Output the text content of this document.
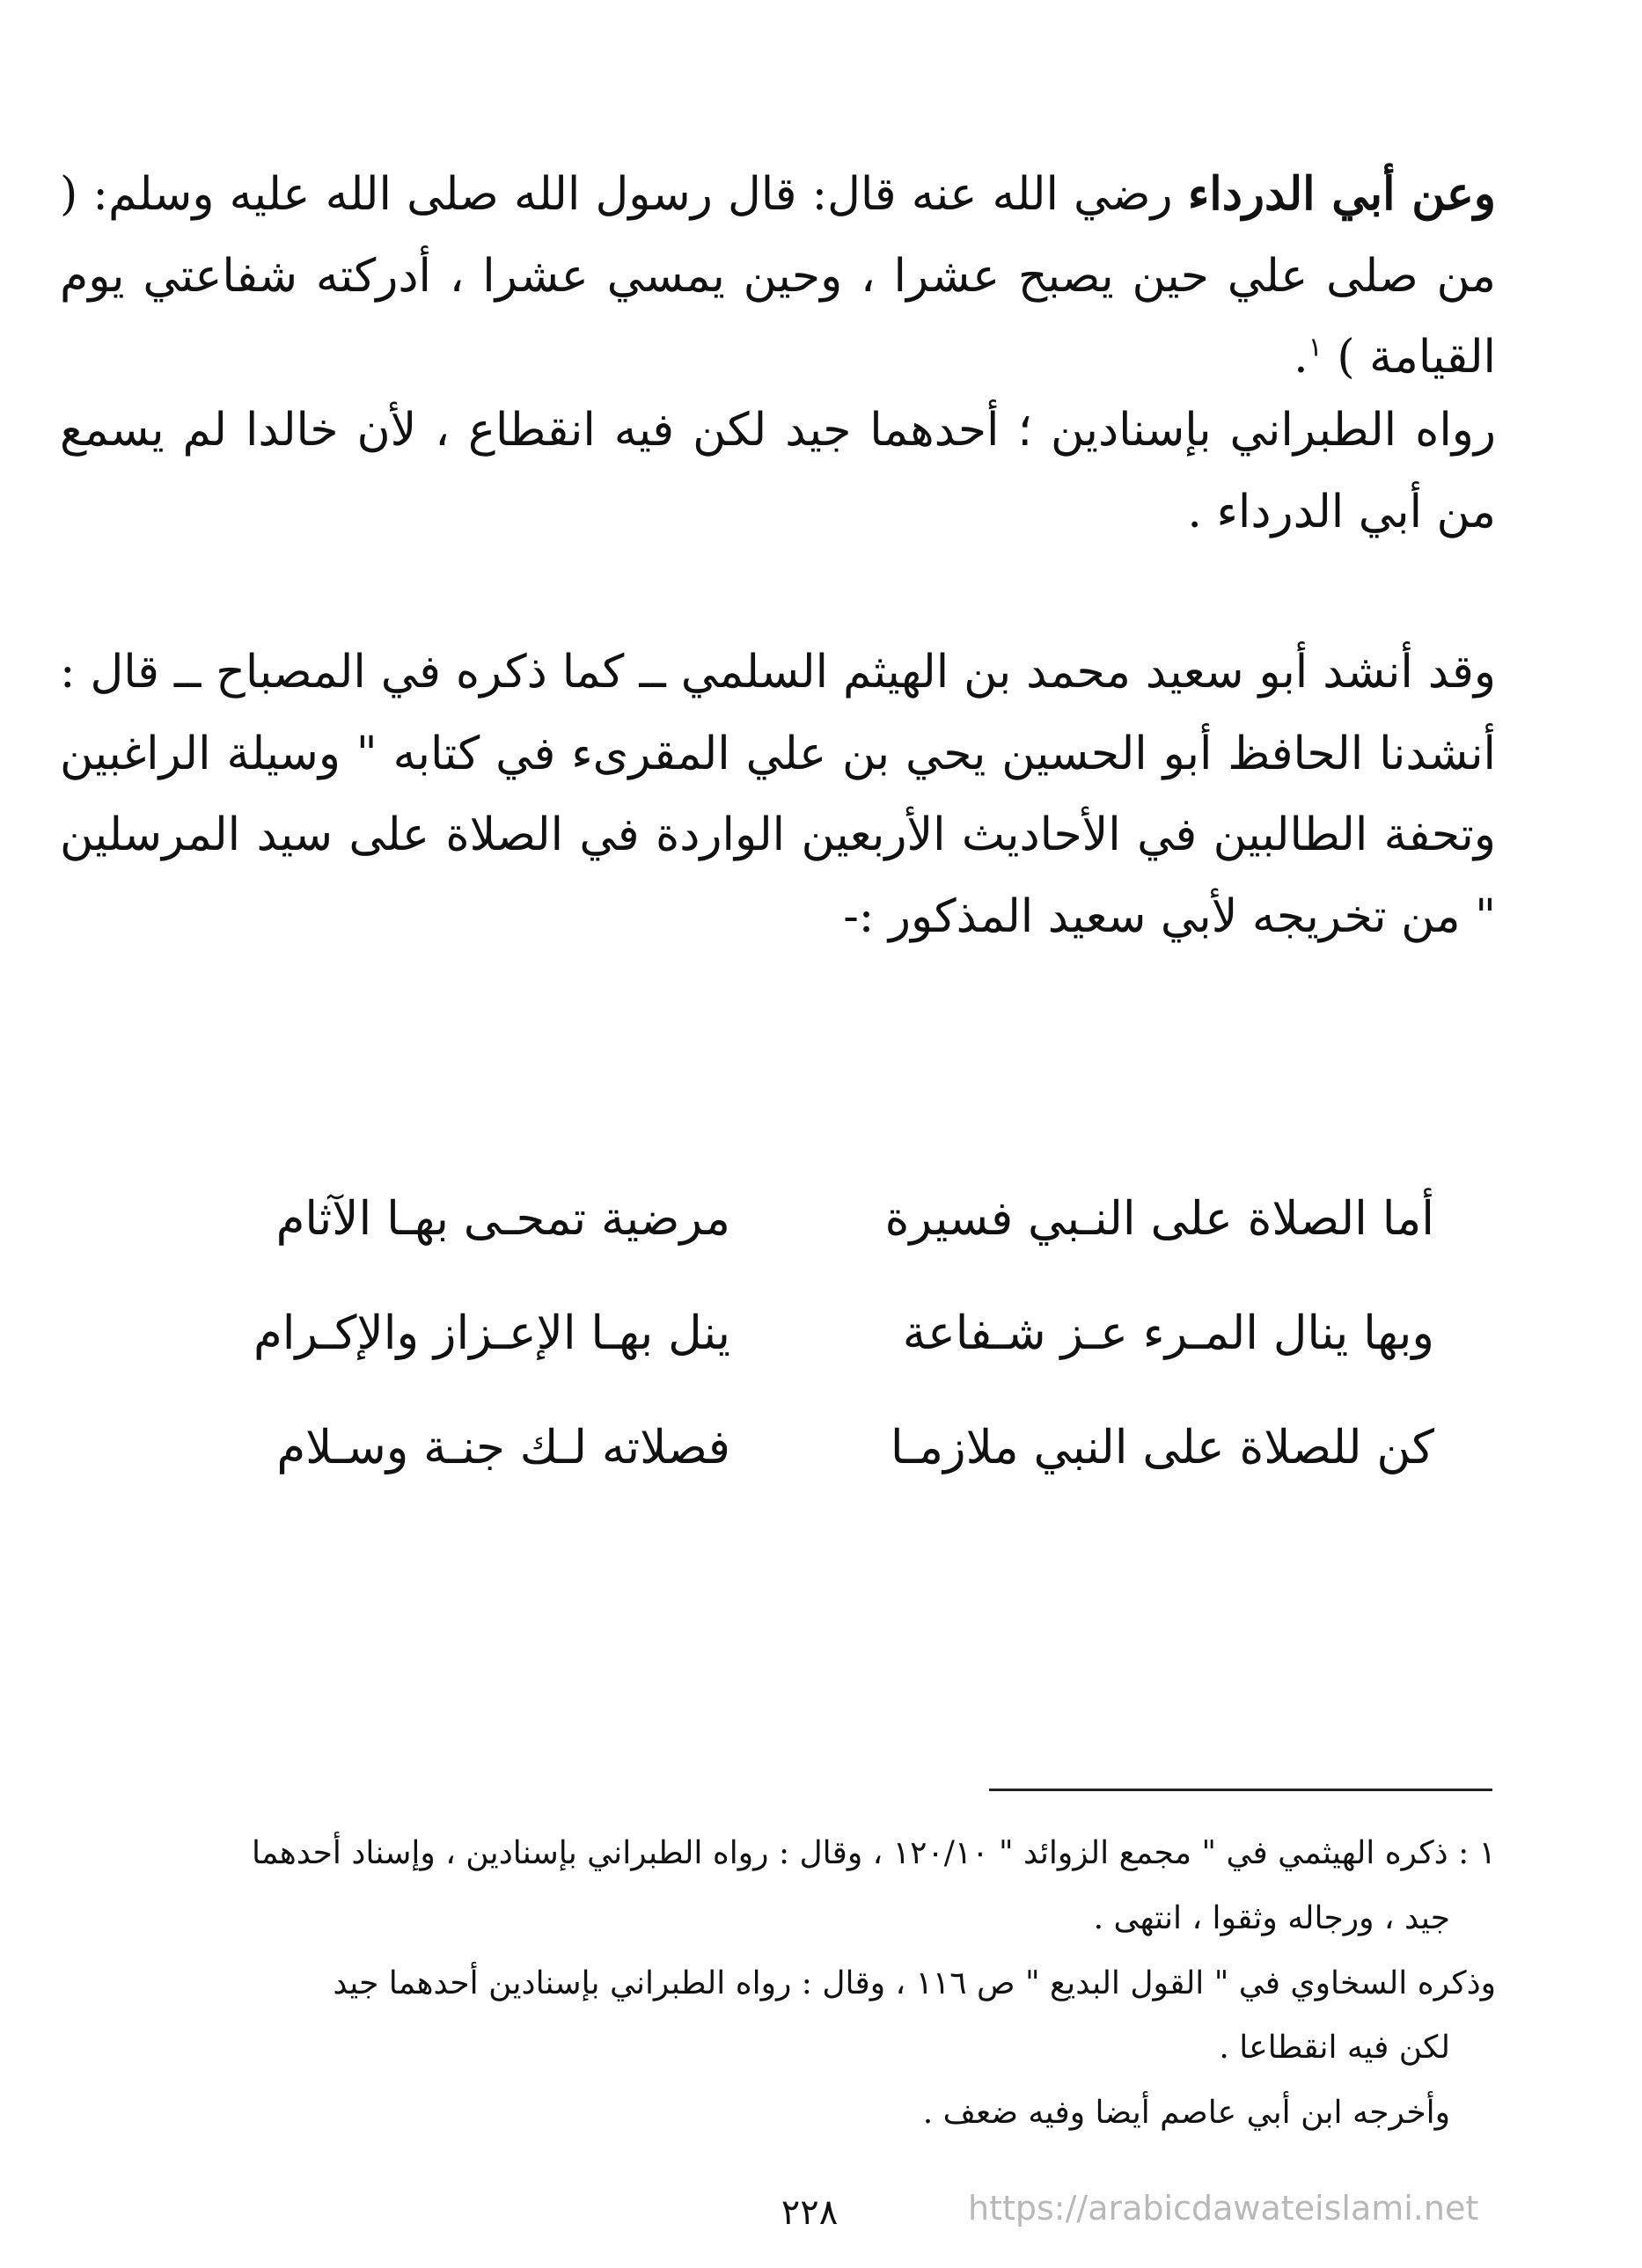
وعن أبي الدرداء رضي الله عنه قال: قال رسول الله صلى الله عليه وسلم: ( من صلى علي حين يصبح عشرا ، وحين يمسي عشرا ، أدركته شفاعتي يوم القيامة ) $^١$.
رواه الطبراني بإسنادين ؛ أحدهما جيد لكن فيه انقطاع ، لأن خالدا لم يسمع من أبي الدرداء .
وقد أنشد أبو سعيد محمد بن الهيثم السلمي ــ كما ذكره في المصباح ــ قال : أنشدنا الحافظ أبو الحسين يحي بن علي المقرىء في كتابه " وسيلة الراغبين وتحفة الطالبين في الأحاديث الأربعين الواردة في الصلاة على سيد المرسلين " من تخريجه لأبي سعيد المذكور :-
أما الصلاة على النـبي فسيرة
مرضية تمحـى بهـا الآثام
وبها ينال المـرء عـز شـفاعة
ينل بهـا الإعـزاز والإكـرام
كن للصلاة على النبي ملازمـا
فصلاته لـك جنـة وسـلام
١ : ذكره الهيثمي في " مجمع الزوائد " ١٢٠/١٠ ، وقال : رواه الطبراني بإسنادين ، وإسناد أحدهما
جيد ، ورجاله وثقوا ، انتهى .
وذكره السخاوي في " القول البديع " ص ١١٦ ، وقال : رواه الطبراني بإسنادين أحدهما جيد
لكن فيه انقطاعا .
وأخرجه ابن أبي عاصم أيضا وفيه ضعف .
٢٢٨	https://arabicdawateislami.net
